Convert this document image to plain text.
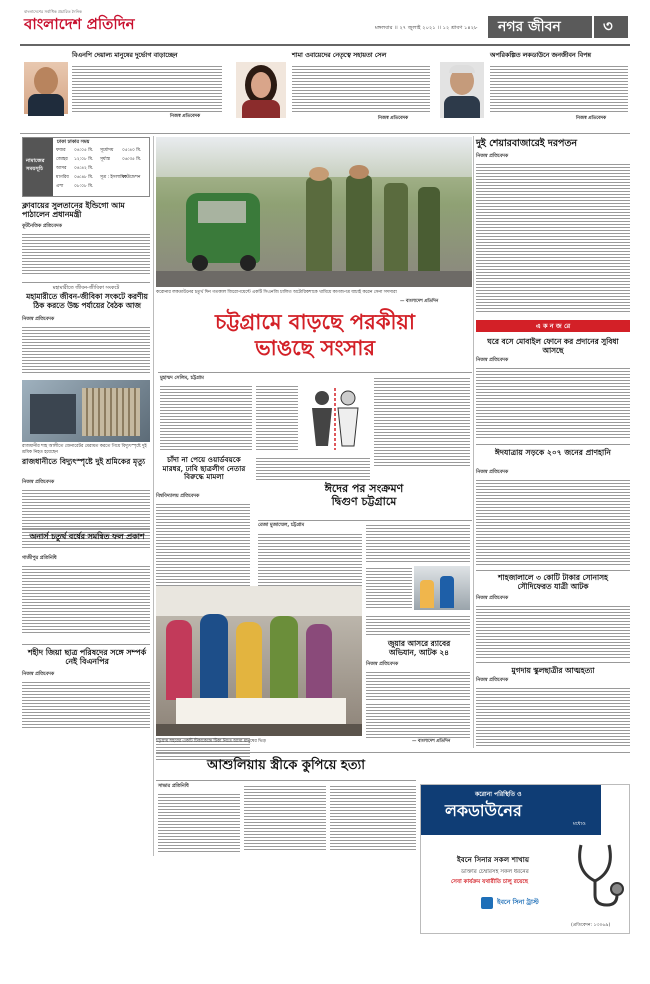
বাংলাদেশের সর্বাধিক প্রচারিত দৈনিক
বাংলাদেশ প্রতিদিন	মঙ্গলবার ।। ২৭ জুলাই ২০২১ ।। ১২ শ্রাবণ ১৪২৮ নগর জীবন	৩
বিএনপি দেয়াল্য মানুষের দুর্ভোগ বাড়াচ্ছেন
নিজস্ব প্রতিবেদক
শামা ওবায়েদের নেতৃত্বে সহায়তা সেল
নিজস্ব প্রতিবেদক
অপরিকল্পিত লকডাউনে জনজীবন বিপন্ন
নিজস্ব প্রতিবেদক
নামাজের
সময়সূচি
ঢাকা ঢাকার সময়
ফজর	০৪:০৫ মি.	সূর্যোদয়	০৫:৪০ মি.
জোহর	১২:০৮ মি.	সূর্যাস্ত	০৬:৩৫ মি.
আসর	০৪:৪২ মি.
মাগরিব	০৬:৪৮ মি.	সূত্র : ইসলামিক
ফাউন্ডেশন
এশা	০৮:০৮ মি.
ক্লাবায়ের সুলতানের ইন্ডিগো আম পাঠালেন প্রধানমন্ত্রী
কূটনৈতিক প্রতিবেদক
মহামারীতে জীবন-জীবিকা সংকটে
মহামারীতে জীবন-জীবিকা সংকটে করণীয় ঠিক করতে উচ্চ পর্যায়ের বৈঠক আজ
নিজস্ব প্রতিবেদক
রাজধানীর শাহ আলীতে জেনারেটর মেরামত করতে গিয়ে বিদ্যুৎস্পৃষ্টে দুই শ্রমিক নিহত হয়েছেন
রাজধানীতে বিদ্যুৎস্পৃষ্টে দুই শ্রমিকের মৃত্যু
নিজস্ব প্রতিবেদক
অনার্স চতুর্থ বর্ষের সমন্বিত ফল প্রকাশ
গাজীপুর প্রতিনিধি
শহীদ জিয়া ছাত্র পরিষদের সঙ্গে সম্পর্ক নেই বিএনপির
নিজস্ব প্রতিবেদক
করোনার লকডাউনের চতুর্থ দিন গতকাল জিরোপয়েন্টে একটি সিএনজি চালিত অটোরিকশাকে থামিয়ে কাগজপত্র যাচাই করেন সেনা সদস্যরা
— বাংলাদেশ প্রতিদিন
চট্টগ্রামে বাড়ছে পরকীয়া
ভাঙছে সংসার
মুহাম্মদ সেলিম, চট্টগ্রাম
চাঁদা না পেয়ে ওয়ার্ডবয়কে মারধর, ঢাবি ছাত্রলীগ নেতার বিরুদ্ধে মামলা
বিশ্ববিদ্যালয় প্রতিবেদক
ঈদের পর সংক্রমণ
দ্বিগুণ চট্টগ্রামে
রেজা মুজাম্মেল, চট্টগ্রাম
জুয়ার আসরে র‍্যাবের
অভিযান, আটক ২৪
নিজস্ব প্রতিবেদক
চট্টগ্রাম শহরের একটি টিকাকেন্দ্রে টিকা নিতে আসা মানুষের ভিড়	— বাংলাদেশ প্রতিদিন
আশুলিয়ায় স্ত্রীকে কুপিয়ে হত্যা
সাভার প্রতিনিধি
দুই শেয়ারবাজারেই দরপতন
নিজস্ব প্রতিবেদক
এ ক ন জ রে
ঘরে বসে মোবাইল ফোনে কর প্রদানের সুবিধা আসছে
নিজস্ব প্রতিবেদক
ঈদযাত্রায় সড়কে ২০৭ জনের প্রাণহানি
নিজস্ব প্রতিবেদক
শাহজালালে ৩ কোটি টাকার সোনাসহ সৌদিফেরত যাত্রী আটক
নিজস্ব প্রতিবেদক
মুগদায় স্কুলছাত্রীর আত্মহত্যা
নিজস্ব প্রতিবেদক
করোনা পরিস্থিতি ও
লকডাউনের
মধ্যেও
ইবনে সিনার সকল শাখায়
ডাক্তার চেম্বারসহ সকল ধরনের
সেবা কার্যক্রম যথারীতি চালু রয়েছে
ইবনে সিনা ট্রাস্ট
(প্রতিবেদন: ১৩০৬৯)
